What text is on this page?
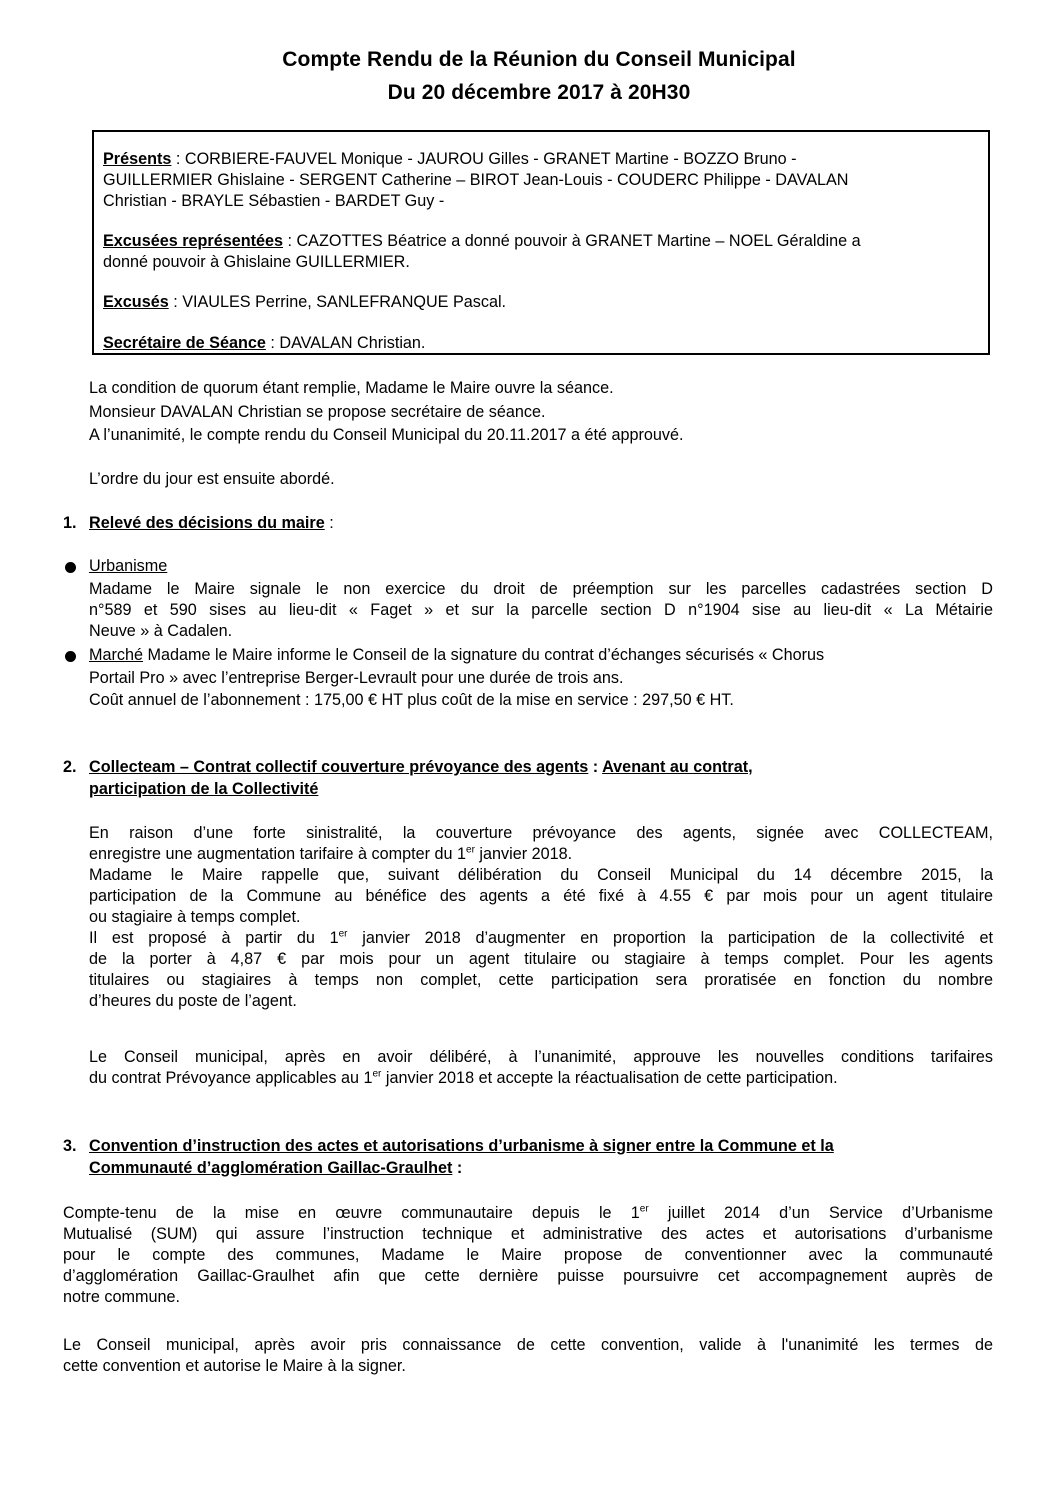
Compte Rendu de la Réunion du Conseil Municipal
Du 20 décembre 2017 à 20H30
Présents : CORBIERE-FAUVEL Monique - JAUROU Gilles - GRANET Martine - BOZZO Bruno -
GUILLERMIER Ghislaine - SERGENT Catherine – BIROT Jean-Louis - COUDERC Philippe - DAVALAN
Christian - BRAYLE Sébastien - BARDET Guy -
Excusées représentées : CAZOTTES Béatrice a donné pouvoir à GRANET Martine – NOEL Géraldine a
donné pouvoir à Ghislaine GUILLERMIER.
Excusés : VIAULES Perrine, SANLEFRANQUE Pascal.
Secrétaire de Séance : DAVALAN Christian.
La condition de quorum étant remplie, Madame le Maire ouvre la séance.
Monsieur DAVALAN Christian se propose secrétaire de séance.
A l’unanimité, le compte rendu du Conseil Municipal du 20.11.2017 a été approuvé.
L’ordre du jour est ensuite abordé.
1. Relevé des décisions du maire :
Urbanisme
Madame le Maire signale le non exercice du droit de préemption sur les parcelles cadastrées section D
n°589 et 590 sises au lieu-dit « Faget » et sur la parcelle section D n°1904 sise au lieu-dit « La Métairie
Neuve » à Cadalen.
Marché Madame le Maire informe le Conseil de la signature du contrat d’échanges sécurisés « Chorus
Portail Pro » avec l’entreprise Berger-Levrault pour une durée de trois ans.
Coût annuel de l’abonnement : 175,00 € HT plus coût de la mise en service : 297,50 € HT.
2. Collecteam – Contrat collectif couverture prévoyance des agents : Avenant au contrat,
participation de la Collectivité
En raison d’une forte sinistralité, la couverture prévoyance des agents, signée avec COLLECTEAM,
enregistre une augmentation tarifaire à compter du 1er janvier 2018.
Madame le Maire rappelle que, suivant délibération du Conseil Municipal du 14 décembre 2015, la
participation de la Commune au bénéfice des agents a été fixé à 4.55 € par mois pour un agent titulaire
ou stagiaire à temps complet.
Il est proposé à partir du 1er janvier 2018 d’augmenter en proportion la participation de la collectivité et
de la porter à 4,87 € par mois pour un agent titulaire ou stagiaire à temps complet. Pour les agents
titulaires ou stagiaires à temps non complet, cette participation sera proratisée en fonction du nombre
d’heures du poste de l’agent.
Le Conseil municipal, après en avoir délibéré, à l’unanimité, approuve les nouvelles conditions tarifaires
du contrat Prévoyance applicables au 1er janvier 2018 et accepte la réactualisation de cette participation.
3. Convention d’instruction des actes et autorisations d’urbanisme à signer entre la Commune et la
Communauté d’agglomération Gaillac-Graulhet :
Compte-tenu de la mise en œuvre communautaire depuis le 1er juillet 2014 d’un Service d’Urbanisme
Mutualisé (SUM) qui assure l’instruction technique et administrative des actes et autorisations d’urbanisme
pour le compte des communes, Madame le Maire propose de conventionner avec la communauté
d’agglomération Gaillac-Graulhet afin que cette dernière puisse poursuivre cet accompagnement auprès de
notre commune.
Le Conseil municipal, après avoir pris connaissance de cette convention, valide à l'unanimité les termes de
cette convention et autorise le Maire à la signer.
